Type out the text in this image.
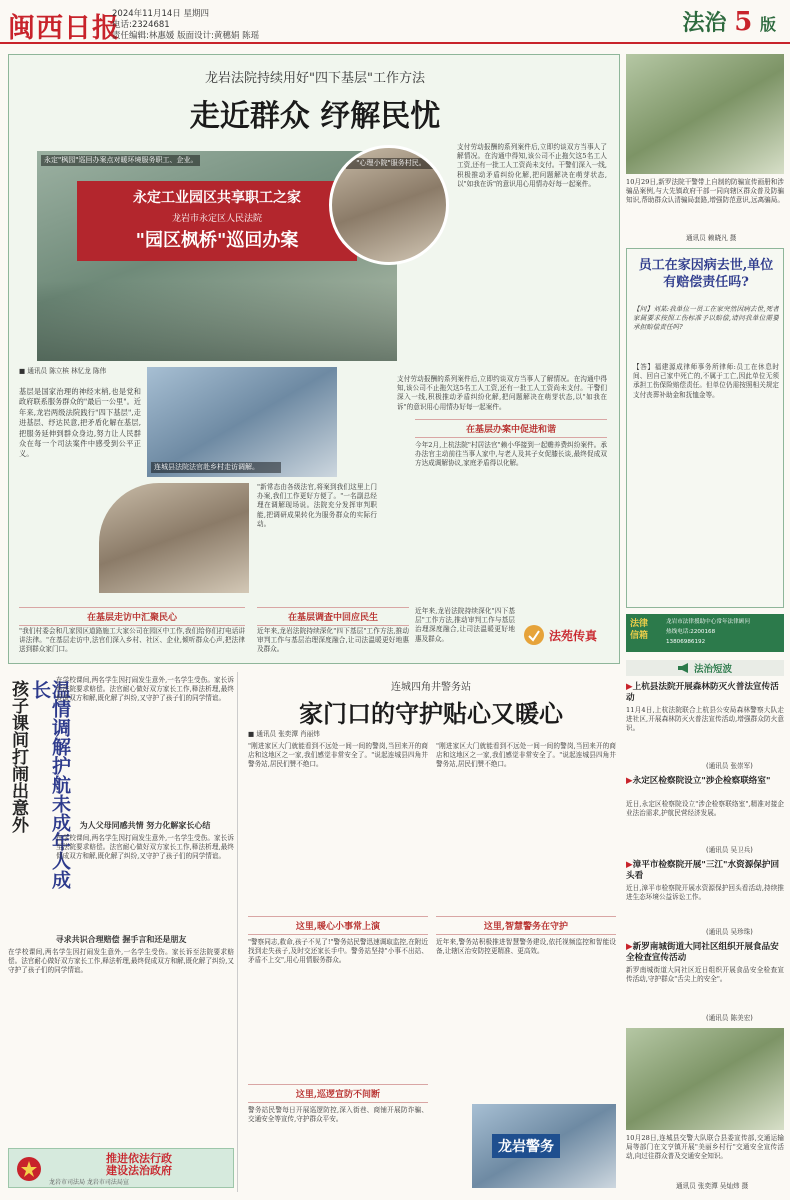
闽西日报
2024年11月14日 星期四
电话:2324681
责任编辑:林惠媛 版面设计:黄穗娟 陈瑶	法治 5 版
龙岩法院持续用好"四下基层"工作方法
走近群众 纾解民忧
永定"枫园"巡回办案点对暖环境服务职工、企业。
永定工业园区共享职工之家
龙岩市永定区人民法院
"园区枫桥"巡回办案
"心理小院"服务村民。
连城县法院法官赴乡村走访调解。
■ 通讯员 陈立槟 林忆龙 陈伟
基层是国家治理的神经末梢,也是党和政府联系服务群众的"最后一公里"。近年来,龙岩两级法院践行"四下基层",走进基层、纾达民意,把矛盾化解在基层,把服务延伸到群众身边,努力让人民群众在每一个司法案件中感受到公平正义。
"新常态由各级法官,将案到我们这里上门办案,我们工作更好方便了。"一名副总经理在调解现场说。法院充分发挥审判职能,把调研成果转化为服务群众的实际行动。
在基层走访中汇聚民心	在基层调查中回应民生
"我们村委会和几家园区道路施工大家公司在园区中工作,我们给你们打电话讲讲法律。"在基层走访中,法官们深入乡村、社区、企业,倾听群众心声,把法律送到群众家门口。
近年来,龙岩法院持续深化"四下基层"工作方法,推动审判工作与基层治理深度融合,让司法温暖更好地惠及群众。
支付劳动报酬的系列案件后,立即约谈双方当事人了解情况。在沟通中得知,该公司不止拖欠这5名工人工资,还有一批工人工资尚未支付。干警们深入一线,积极推动矛盾纠纷化解,把问题解决在萌芽状态,以"如我在诉"的意识用心用情办好每一起案件。
支付劳动报酬的系列案件后,立即约谈双方当事人了解情况。在沟通中得知,该公司不止拖欠这5名工人工资,还有一批工人工资尚未支付。干警们深入一线,积极推动矛盾纠纷化解,把问题解决在萌芽状态,以"如我在诉"的意识用心用情办好每一起案件。
在基层办案中促进和谐
今年2月,上杭法院"村居法官"赖小华接到一起赡养费纠纷案件。承办法官主动前往当事人家中,与老人及其子女促膝长谈,最终促成双方达成调解协议,家庭矛盾得以化解。
近年来,龙岩法院持续深化"四下基层"工作方法,推动审判工作与基层治理深度融合,让司法温暖更好地惠及群众。	法苑传真
温情调解护航未成年人成长
孩子课间打闹出意外	在学校课间,两名学生因打闹发生意外,一名学生受伤。家长诉至法院要求赔偿。法官耐心做好双方家长工作,释法析理,最终促成双方和解,既化解了纠纷,又守护了孩子们的同学情谊。
为人父母同感共情 努力化解家长心结
在学校课间,两名学生因打闹发生意外,一名学生受伤。家长诉至法院要求赔偿。法官耐心做好双方家长工作,释法析理,最终促成双方和解,既化解了纠纷,又守护了孩子们的同学情谊。
寻求共识合理赔偿 握手言和还是朋友
在学校课间,两名学生因打闹发生意外,一名学生受伤。家长诉至法院要求赔偿。法官耐心做好双方家长工作,释法析理,最终促成双方和解,既化解了纠纷,又守护了孩子们的同学情谊。
推进依法行政
建设法治政府
龙岩市司法局 龙岩市司法局宣
连城四角井警务站
家门口的守护贴心又暖心
■ 通讯员 张奕潭 肖丽炜
"刚进家区大门就能看到不远处一间一间的警岗,当回来开的商店和这地区之一家,我们感觉非常安全了。"说起连城县四角井警务站,居民们赞不绝口。
这里,暖心小事常上演
"警察同志,救命,孩子不见了!"警务站民警迅速调取监控,在附近找到走失孩子,及时交还家长手中。警务站坚持"小事不出站、矛盾不上交",用心用情服务群众。
这里,巡逻宣防不间断
警务站民警每日开展巡逻防控,深入街巷、商铺开展防诈骗、交通安全等宣传,守护群众平安。
"刚进家区大门就能看到不远处一间一间的警岗,当回来开的商店和这地区之一家,我们感觉非常安全了。"说起连城县四角井警务站,居民们赞不绝口。
这里,智慧警务在守护
近年来,警务站积极推进智慧警务建设,依托视频监控和智能设备,让辖区治安防控更精准、更高效。
龙岩警务
10月29日,新罗法院干警带上自制的防骗宣传画册和涉骗品案例,与大先镇政府干部一同向辖区群众普及防骗知识,帮助群众认清骗局套路,增强防范意识,远离骗局。
通讯员 赖晓凡 摄
员工在家因病去世,单位有赔偿责任吗?
【问】刘某:我单位一员工在家突然因病去世,死者家属要求按照工伤标准予以赔偿,请问我单位需要承担赔偿责任吗?
【答】福建源成律师事务所律师:员工在休息时间、回自己家中死亡的,不属于工亡,因此单位无须承担工伤保险赔偿责任。但单位仍需按照相关规定支付丧葬补助金和抚恤金等。
法律
信箱
龙岩市法律援助中心常年法律顾问
热线电话:2200168
13806986192
法治短波
▶上杭县法院开展森林防灭火普法宣传活动
11月4日,上杭法院联合上杭县公安局森林警察大队走进社区,开展森林防灭火普法宣传活动,增强群众防火意识。
(通讯员 张崇军)
▶永定区检察院设立"涉企检察联络室"
近日,永定区检察院设立"涉企检察联络室",精准对接企业法治需求,护航民营经济发展。
(通讯员 吴卫兵)
▶漳平市检察院开展"三江"水资源保护回头看
近日,漳平市检察院开展水资源保护回头看活动,持续推进生态环境公益诉讼工作。
(通讯员 吴珍珠)
▶新罗南城街道大同社区组织开展食品安全检查宣传活动
新罗南城街道大同社区近日组织开展食品安全检查宣传活动,守护群众"舌尖上的安全"。
(通讯员 陈美宏)
10月28日,连城县交警大队联合县委宣传部,交通运输局等部门在文亨镇开展"美丽乡村行"交通安全宣传活动,向过往群众普及交通安全知识。
通讯员 张奕潭 吴灿炜 摄
